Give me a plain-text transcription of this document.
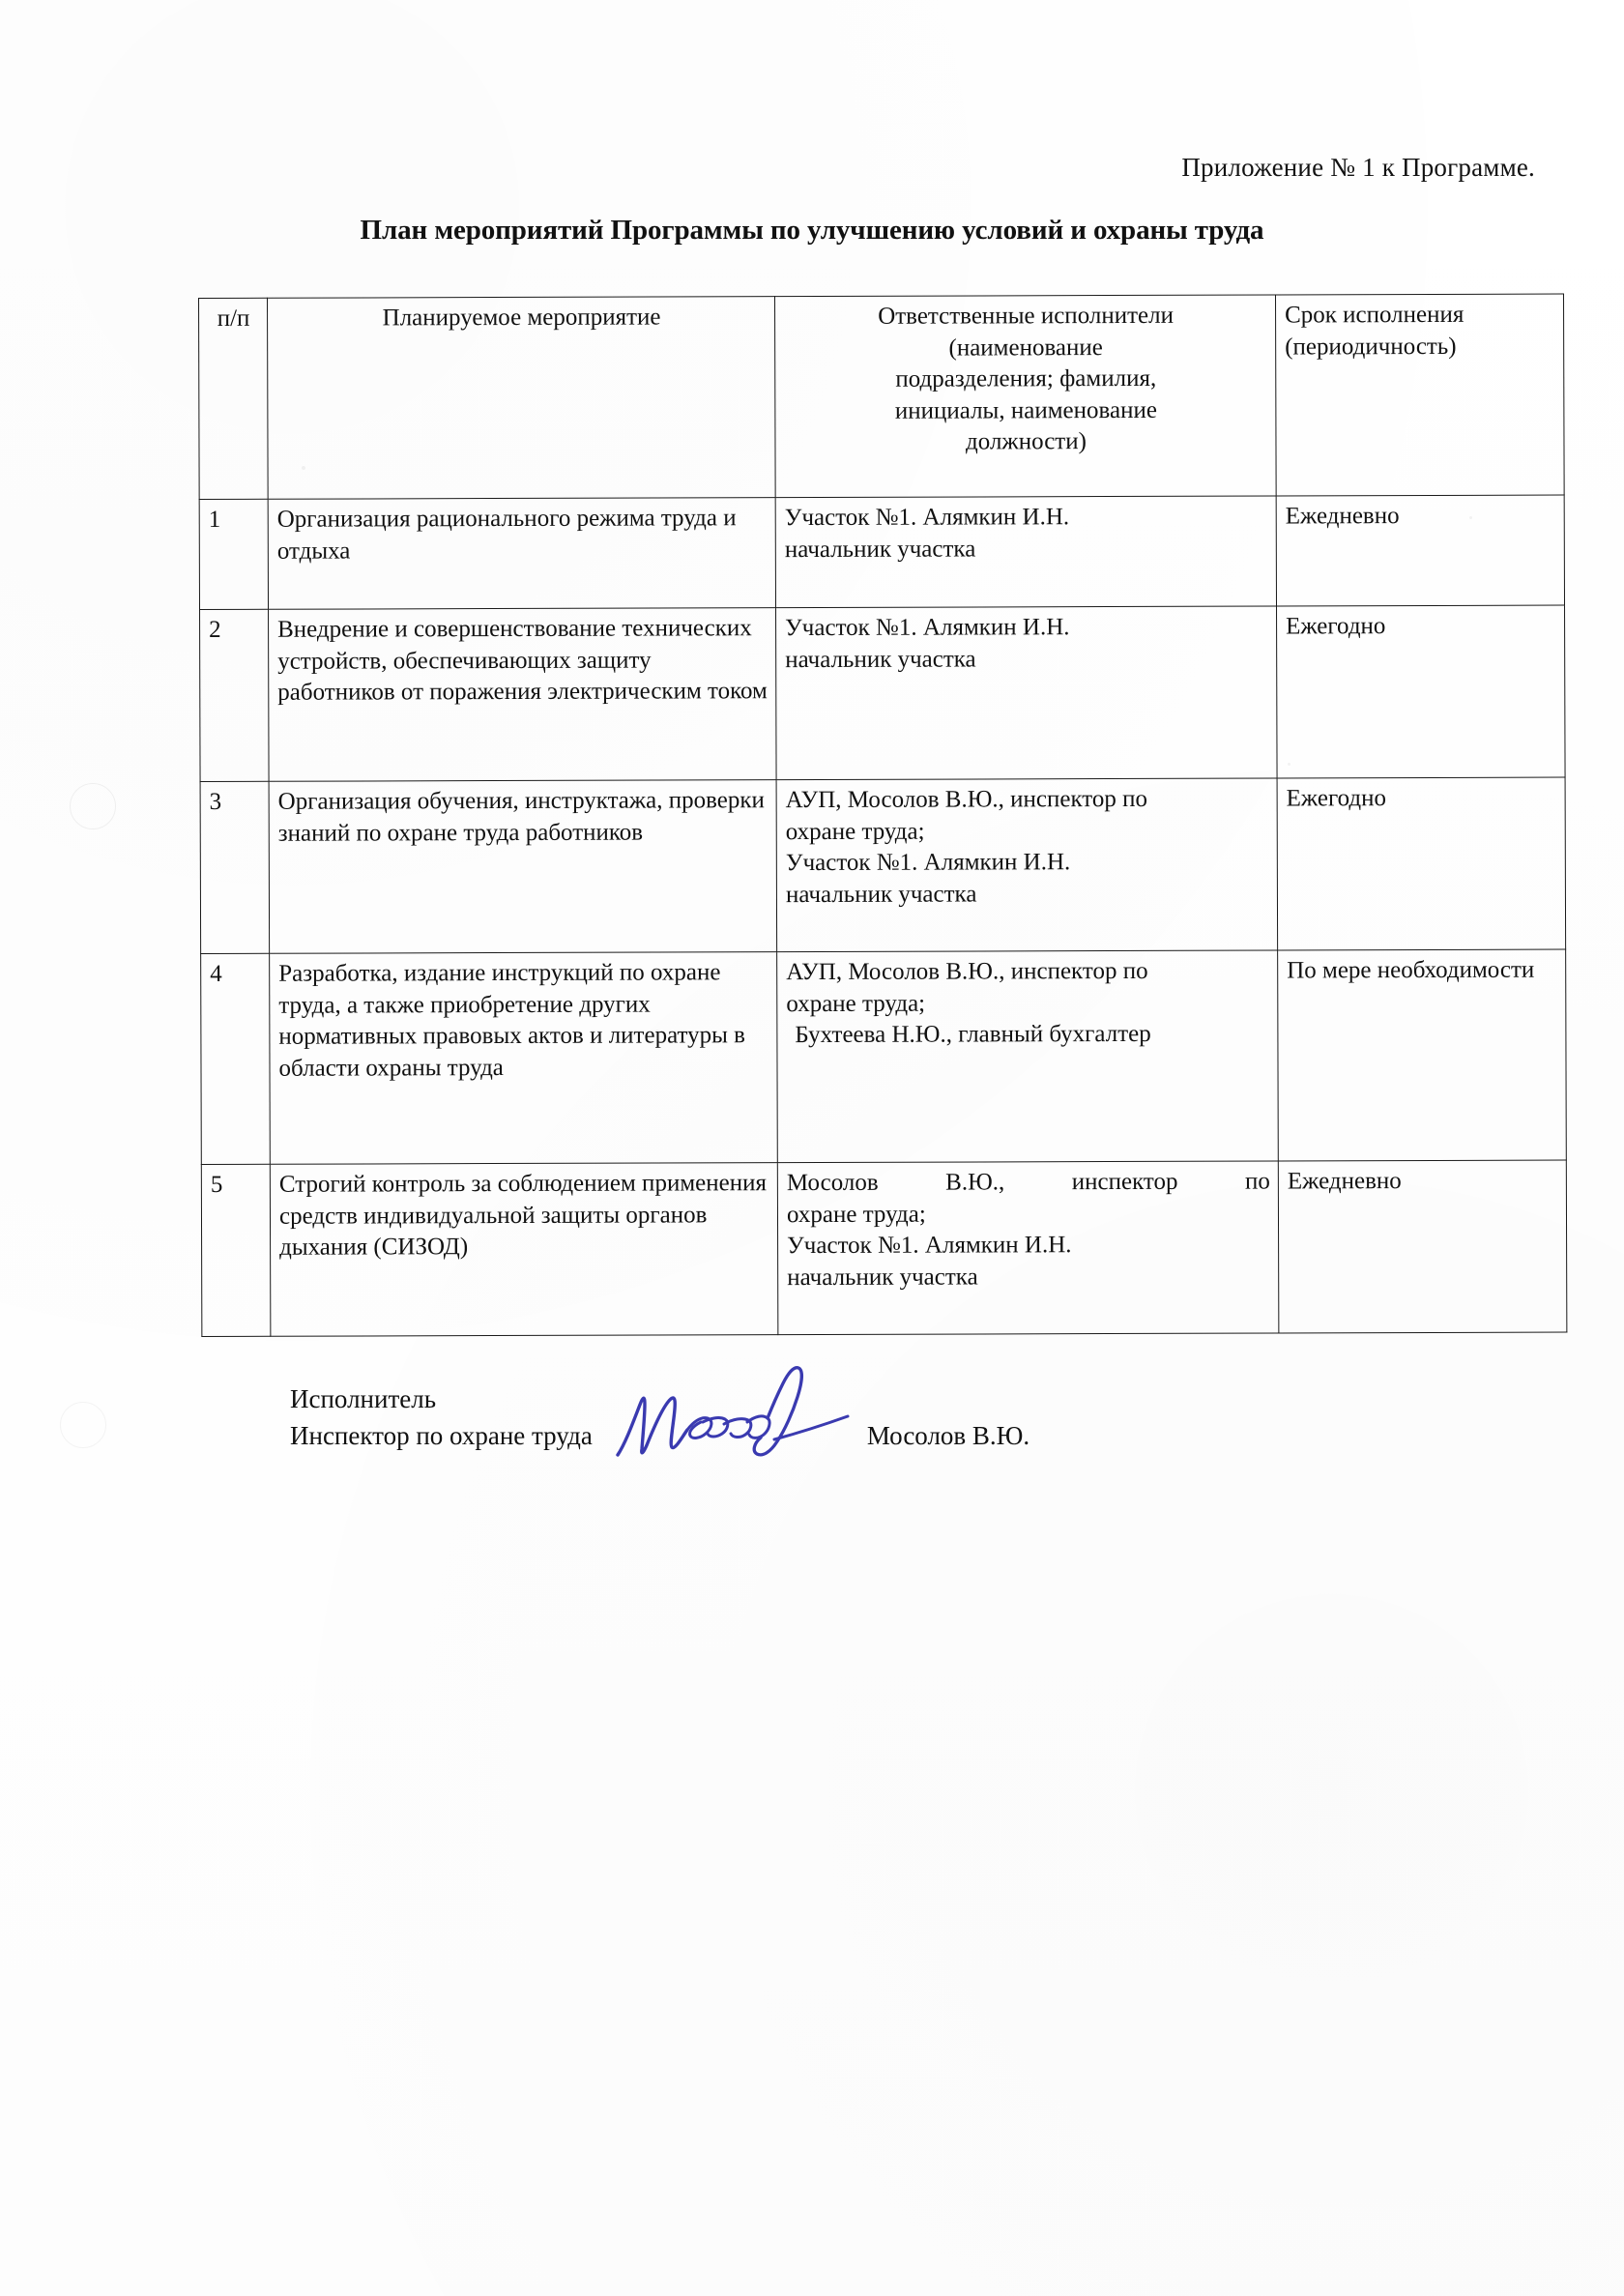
Приложение № 1 к Программе.
План мероприятий Программы по улучшению условий и охраны труда
п/п	Планируемое мероприятие	Ответственные исполнители
(наименование
подразделения; фамилия,
инициалы, наименование
должности)	Срок исполнения
(периодичность)

1	Организация рационального режима труда и отдыха	Участок №1. Алямкин И.Н.
начальник участка	Ежедневно
2	Внедрение и совершенствование технических устройств, обеспечивающих защиту работников от поражения электрическим током	Участок №1. Алямкин И.Н.
начальник участка	Ежегодно
3	Организация обучения, инструктажа, проверки знаний по охране труда работников	АУП, Мосолов В.Ю., инспектор по
охране труда;
Участок №1. Алямкин И.Н.
начальник участка	Ежегодно
4	Разработка, издание инструкций по охране труда, а также приобретение других нормативных правовых актов и литературы в области охраны труда	АУП, Мосолов В.Ю., инспектор по
охране труда;
Бухтеева Н.Ю., главный бухгалтер	По мере необходимости
5	Строгий контроль за соблюдением применения средств индивидуальной защиты органов дыхания (СИЗОД)	Мосолов В.Ю., инспектор по
охране труда;
Участок №1. Алямкин И.Н.
начальник участка	Ежедневно
Исполнитель
Инспектор по охране труда	Мосолов В.Ю.
